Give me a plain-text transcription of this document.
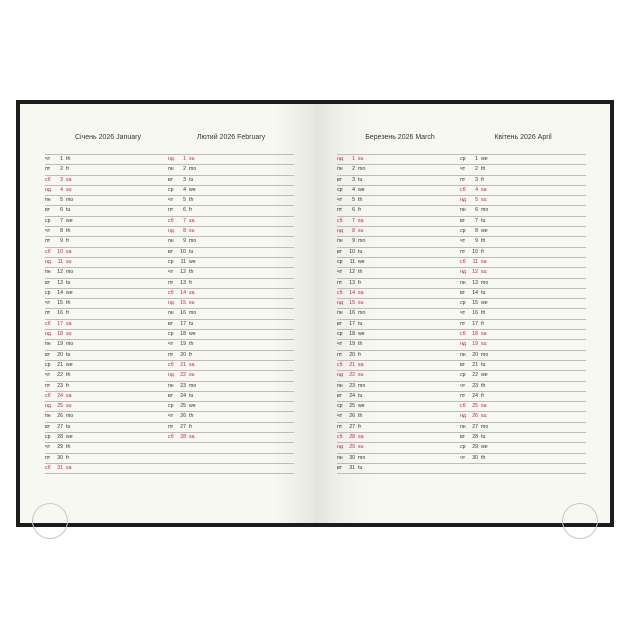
Січень 2026 January	Лютий 2026 February	Березень 2026 March	Квітень 2026 April
чт	1 th
пт	2 fr
сб	3 sa
нд	4 su
пн	5 mo
вт	6 tu
ср	7 we
чт	8 th
пт	9 fr
сб	10 sa
нд	11 su
пн	12 mo
вт	13 tu
ср	14 we
чт	15 th
пт	16 fr
сб	17 sa
нд	18 su
пн	19 mo
вт	20 tu
ср	21 we
чт	22 th
пт	23 fr
сб	24 sa
нд	25 su
пн	26 mo
вт	27 tu
ср	28 we
чт	29 th
пт	30 fr
сб	31 sa
нд	1 su
пн	2 mo
вт	3 tu
ср	4 we
чт	5 th
пт	6 fr
сб	7 sa
нд	8 su
пн	9 mo
вт	10 tu
ср	11 we
чт	12 th
пт	13 fr
сб	14 sa
нд	15 su
пн	16 mo
вт	17 tu
ср	18 we
чт	19 th
пт	20 fr
сб	21 sa
нд	22 su
пн	23 mo
вт	24 tu
ср	25 we
чт	26 th
пт	27 fr
сб	28 sa
нд	1 su
пн	2 mo
вт	3 tu
ср	4 we
чт	5 th
пт	6 fr
сб	7 sa
нд	8 su
пн	9 mo
вт	10 tu
ср	11 we
чт	12 th
пт	13 fr
сб	14 sa
нд	15 su
пн	16 mo
вт	17 tu
ср	18 we
чт	19 th
пт	20 fr
сб	21 sa
нд	22 su
пн	23 mo
вт	24 tu
ср	25 we
чт	26 th
пт	27 fr
сб	28 sa
нд	29 su
пн	30 mo
вт	31 tu
ср	1 we
чт	2 th
пт	3 fr
сб	4 sa
нд	5 su
пн	6 mo
вт	7 tu
ср	8 we
чт	9 th
пт	10 fr
сб	11 sa
нд	12 su
пн	13 mo
вт	14 tu
ср	15 we
чт	16 th
пт	17 fr
сб	18 sa
нд	19 su
пн	20 mo
вт	21 tu
ср	22 we
чт	23 th
пт	24 fr
сб	25 sa
нд	26 su
пн	27 mo
вт	28 tu
ср	29 we
чт	30 th
